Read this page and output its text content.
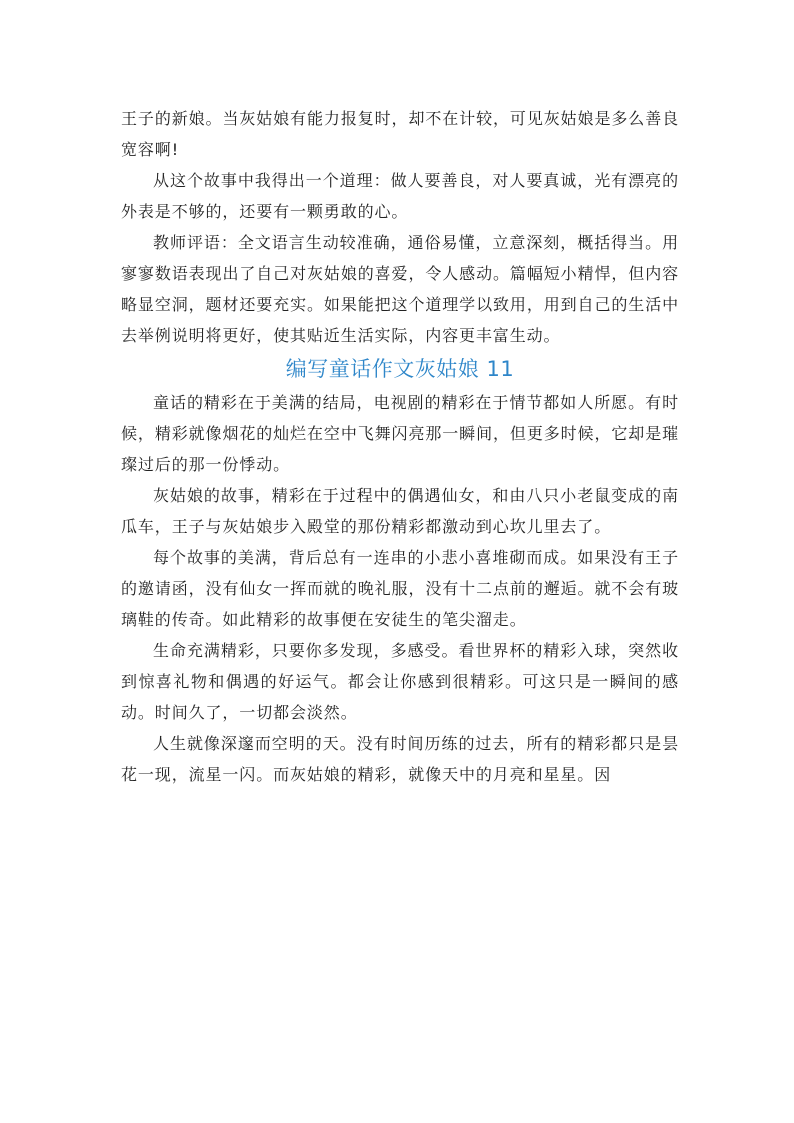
王子的新娘。当灰姑娘有能力报复时，却不在计较，可见灰姑娘是多么善良宽容啊!

从这个故事中我得出一个道理：做人要善良，对人要真诚，光有漂亮的外表是不够的，还要有一颗勇敢的心。

教师评语：全文语言生动较准确，通俗易懂，立意深刻，概括得当。用寥寥数语表现出了自己对灰姑娘的喜爱，令人感动。篇幅短小精悍，但内容略显空洞，题材还要充实。如果能把这个道理学以致用，用到自己的生活中去举例说明将更好，使其贴近生活实际，内容更丰富生动。

编写童话作文灰姑娘 11

童话的精彩在于美满的结局，电视剧的精彩在于情节都如人所愿。有时候，精彩就像烟花的灿烂在空中飞舞闪亮那一瞬间，但更多时候，它却是璀璨过后的那一份悸动。

灰姑娘的故事，精彩在于过程中的偶遇仙女，和由八只小老鼠变成的南瓜车，王子与灰姑娘步入殿堂的那份精彩都激动到心坎儿里去了。

每个故事的美满，背后总有一连串的小悲小喜堆砌而成。如果没有王子的邀请函，没有仙女一挥而就的晚礼服，没有十二点前的邂逅。就不会有玻璃鞋的传奇。如此精彩的故事便在安徒生的笔尖溜走。

生命充满精彩，只要你多发现，多感受。看世界杯的精彩入球，突然收到惊喜礼物和偶遇的好运气。都会让你感到很精彩。可这只是一瞬间的感动。时间久了，一切都会淡然。

人生就像深邃而空明的天。没有时间历练的过去，所有的精彩都只是昙花一现，流星一闪。而灰姑娘的精彩，就像天中的月亮和星星。因
